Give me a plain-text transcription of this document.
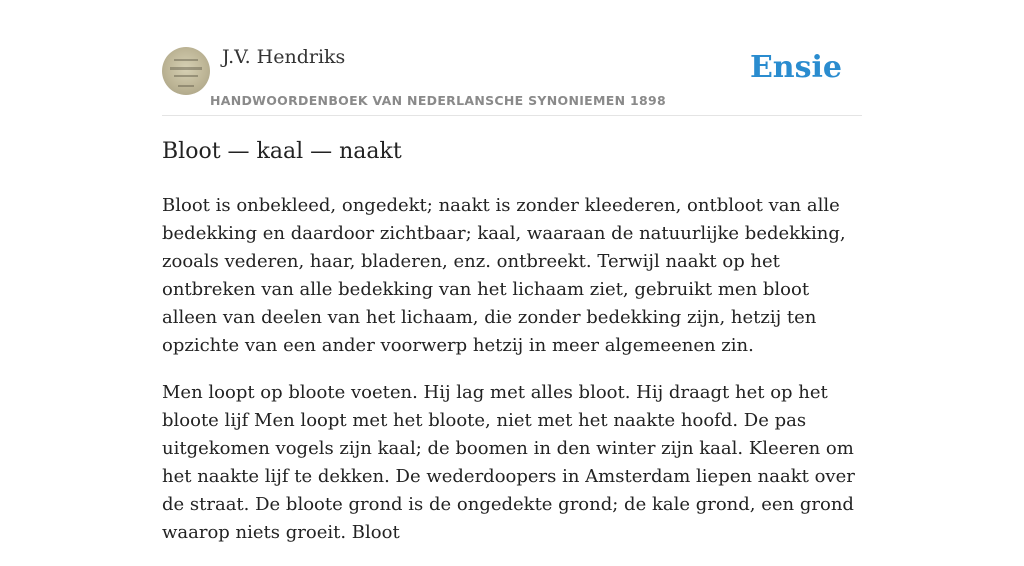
J.V. Hendriks
HANDWOORDENBOEK VAN NEDERLANSCHE SYNONIEMEN 1898
Ensie
Bloot — kaal — naakt

Bloot is onbekleed, ongedekt; naakt is zonder kleederen, ontbloot van alle bedekking en daardoor zichtbaar; kaal, waaraan de natuurlijke bedekking, zooals vederen, haar, bladeren, enz. ontbreekt. Terwijl naakt op het ontbreken van alle bedekking van het lichaam ziet, gebruikt men bloot alleen van deelen van het lichaam, die zonder bedekking zijn, hetzij ten opzichte van een ander voorwerp hetzij in meer algemeenen zin.

Men loopt op bloote voeten. Hij lag met alles bloot. Hij draagt het op het bloote lijf Men loopt met het bloote, niet met het naakte hoofd. De pas uitgekomen vogels zijn kaal; de boomen in den winter zijn kaal. Kleeren om het naakte lijf te dekken. De wederdoopers in Amsterdam liepen naakt over de straat. De bloote grond is de ongedekte grond; de kale grond, een grond waarop niets groeit. Bloot
